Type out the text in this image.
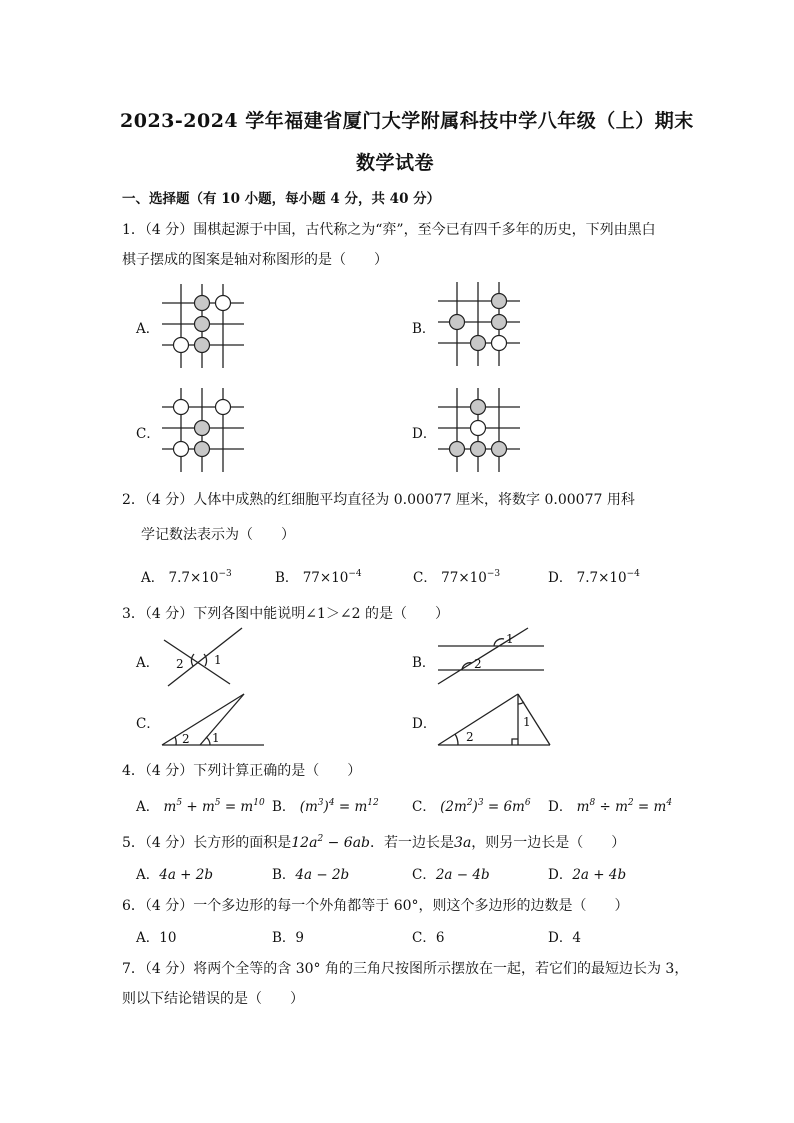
2023-2024 学年福建省厦门大学附属科技中学八年级（上）期末
数学试卷
一、选择题（有 10 小题，每小题 4 分，共 40 分）
1．（4 分）围棋起源于中国，古代称之为“弈”，至今已有四千多年的历史，下列由黑白
棋子摆成的图案是轴对称图形的是（　　）
A．	B．
C．	D．
2．（4 分）人体中成熟的红细胞平均直径为 0.00077 厘米，将数字 0.00077 用科
学记数法表示为（　　）
A． $7.7\times 10^{-3}$	B． $77\times 10^{-4}$	C． $77\times 10^{-3}$	D． $7.7\times 10^{-4}$
3．（4 分）下列各图中能说明∠1＞∠2 的是（　　）
A． 2	1	B．
1
2
C．
2 1
D．
2
1
4．（4 分）下列计算正确的是（　　）
A． $m^5 + m^5 = m^{10}$ B． $(m^3)^4 = m^{12}$ C． $(2m^2)^3 = 6m^6$ D． $m^8 \div m^2 = m^4$
5．（4 分）长方形的面积是$12a^2 - 6ab$．若一边长是3a，则另一边长是（　　）
A．4a + 2b	B．4a − 2b	C．2a − 4b	D．2a + 4b
6．（4 分）一个多边形的每一个外角都等于 60°，则这个多边形的边数是（　　）
A．10	B．9	C．6	D．4
7．（4 分）将两个全等的含 30° 角的三角尺按图所示摆放在一起，若它们的最短边长为 3，
则以下结论错误的是（　　）
